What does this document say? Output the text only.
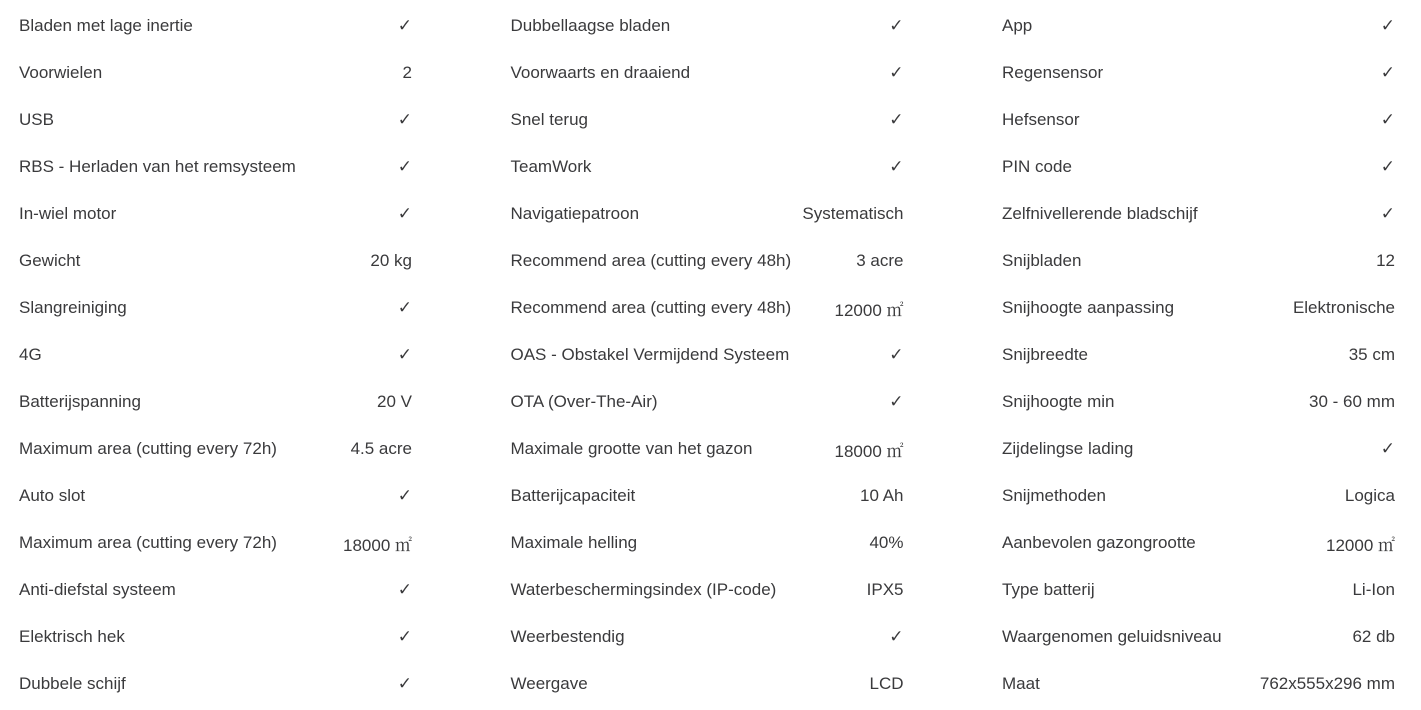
Bladen met lage inertie	✓
Voorwielen	2
USB	✓
RBS - Herladen van het remsysteem	✓
In-wiel motor	✓
Gewicht	20 kg
Slangreiniging	✓
4G	✓
Batterijspanning	20 V
Maximum area (cutting every 72h)	4.5 acre
Auto slot	✓
Maximum area (cutting every 72h)	18000 ㎡
Anti-diefstal systeem	✓
Elektrisch hek	✓
Dubbele schijf	✓
Dubbellaagse bladen	✓
Voorwaarts en draaiend	✓
Snel terug	✓
TeamWork	✓
Navigatiepatroon	Systematisch
Recommend area (cutting every 48h)	3 acre
Recommend area (cutting every 48h)	12000 ㎡
OAS - Obstakel Vermijdend Systeem	✓
OTA (Over-The-Air)	✓
Maximale grootte van het gazon	18000 ㎡
Batterijcapaciteit	10 Ah
Maximale helling	40%
Waterbeschermingsindex (IP-code)	IPX5
Weerbestendig	✓
Weergave	LCD
App	✓
Regensensor	✓
Hefsensor	✓
PIN code	✓
Zelfnivellerende bladschijf	✓
Snijbladen	12
Snijhoogte aanpassing	Elektronische
Snijbreedte	35 cm
Snijhoogte min	30 - 60 mm
Zijdelingse lading	✓
Snijmethoden	Logica
Aanbevolen gazongrootte	12000 ㎡
Type batterij	Li-Ion
Waargenomen geluidsniveau	62 db
Maat	762x555x296 mm
